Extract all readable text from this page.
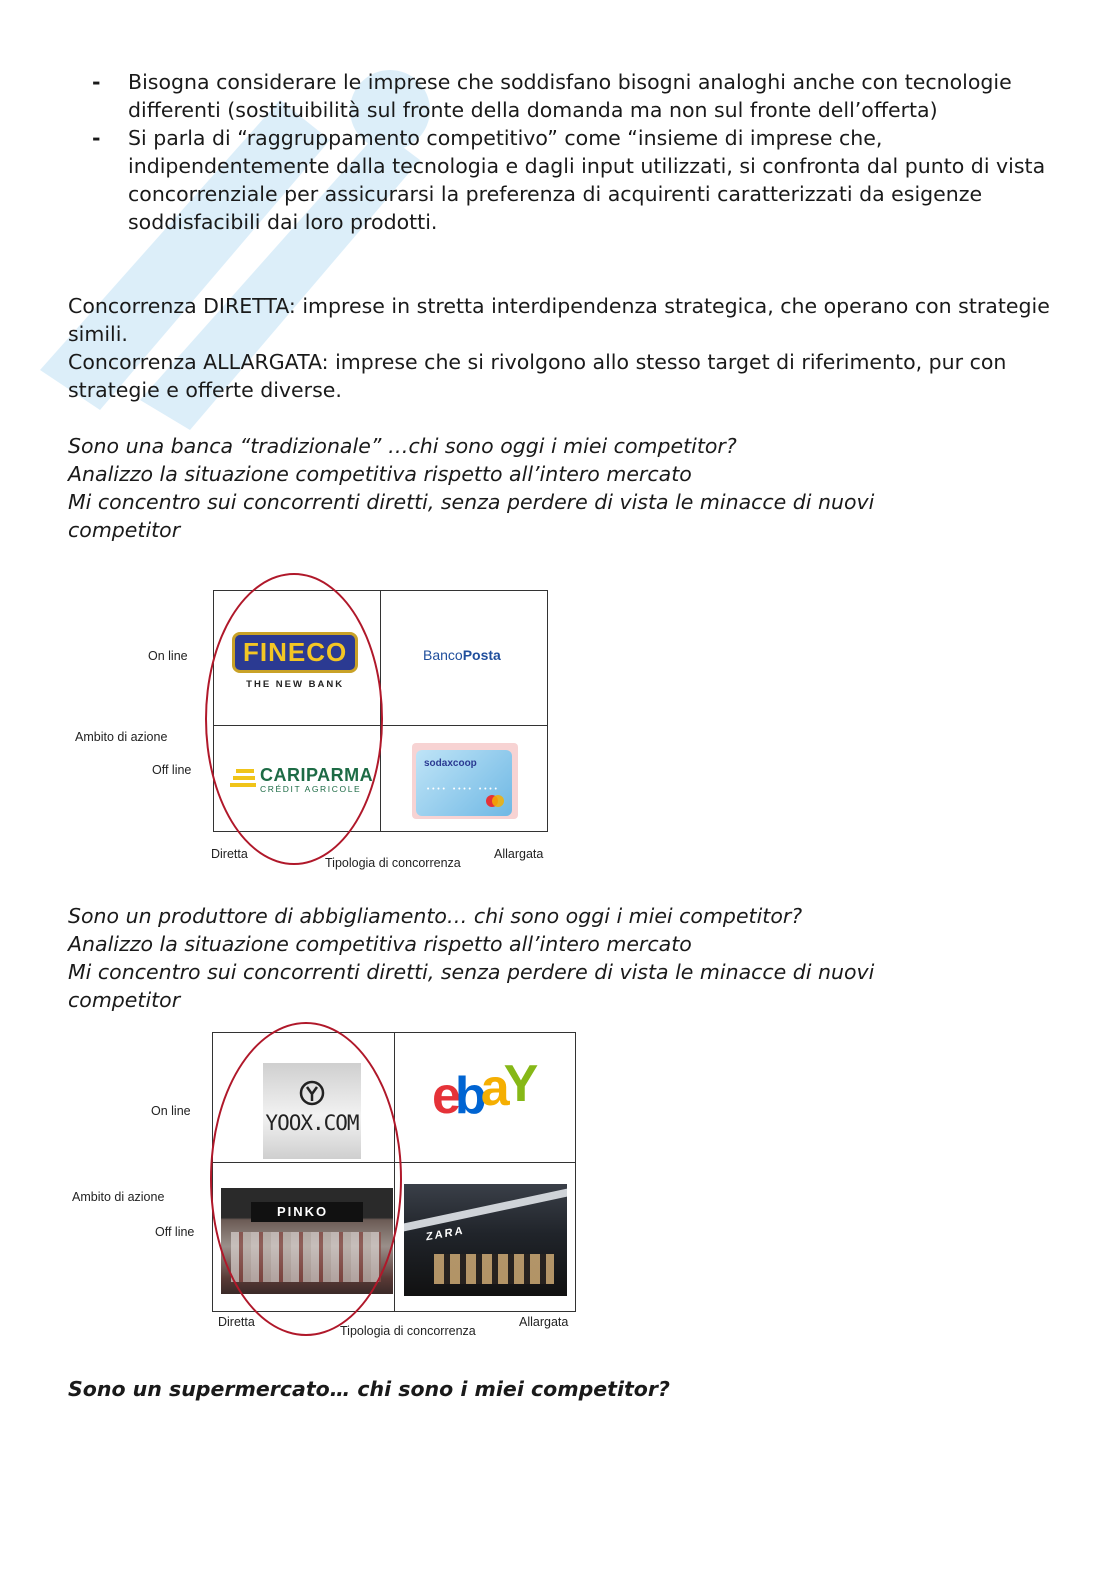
- Bisogna considerare le imprese che soddisfano bisogni analoghi anche con tecnologie differenti (sostituibilità sul fronte della domanda ma non sul fronte dell’offerta)
- Si parla di “raggruppamento competitivo” come “insieme di imprese che, indipendentemente dalla tecnologia e dagli input utilizzati, si confronta dal punto di vista concorrenziale per assicurarsi la preferenza di acquirenti caratterizzati da esigenze soddisfacibili dai loro prodotti.

Concorrenza DIRETTA: imprese in stretta interdipendenza strategica, che operano con strategie simili.

Concorrenza ALLARGATA: imprese che si rivolgono allo stesso target di riferimento, pur con strategie e offerte diverse.

Sono una banca “tradizionale” …chi sono oggi i miei competitor?

Analizzo la situazione competitiva rispetto all’intero mercato

Mi concentro sui concorrenti diretti, senza perdere di vista le minacce di nuovi competitor

On line
Ambito di azione
Off line
Diretta
Tipologia di concorrenza
Allargata
FINECO
THE NEW BANK
BancoPosta
CARIPARMA
CRÉDIT AGRICOLE
sodaxcoop
•••• •••• ••••

Sono un produttore di abbigliamento… chi sono oggi i miei competitor?

Analizzo la situazione competitiva rispetto all’intero mercato

Mi concentro sui concorrenti diretti, senza perdere di vista le minacce di nuovi competitor

On line
Ambito di azione
Off line
Diretta
Tipologia di concorrenza
Allargata
YOOX.COM ebaY
PINKO
ZARA

Sono un supermercato… chi sono i miei competitor?
